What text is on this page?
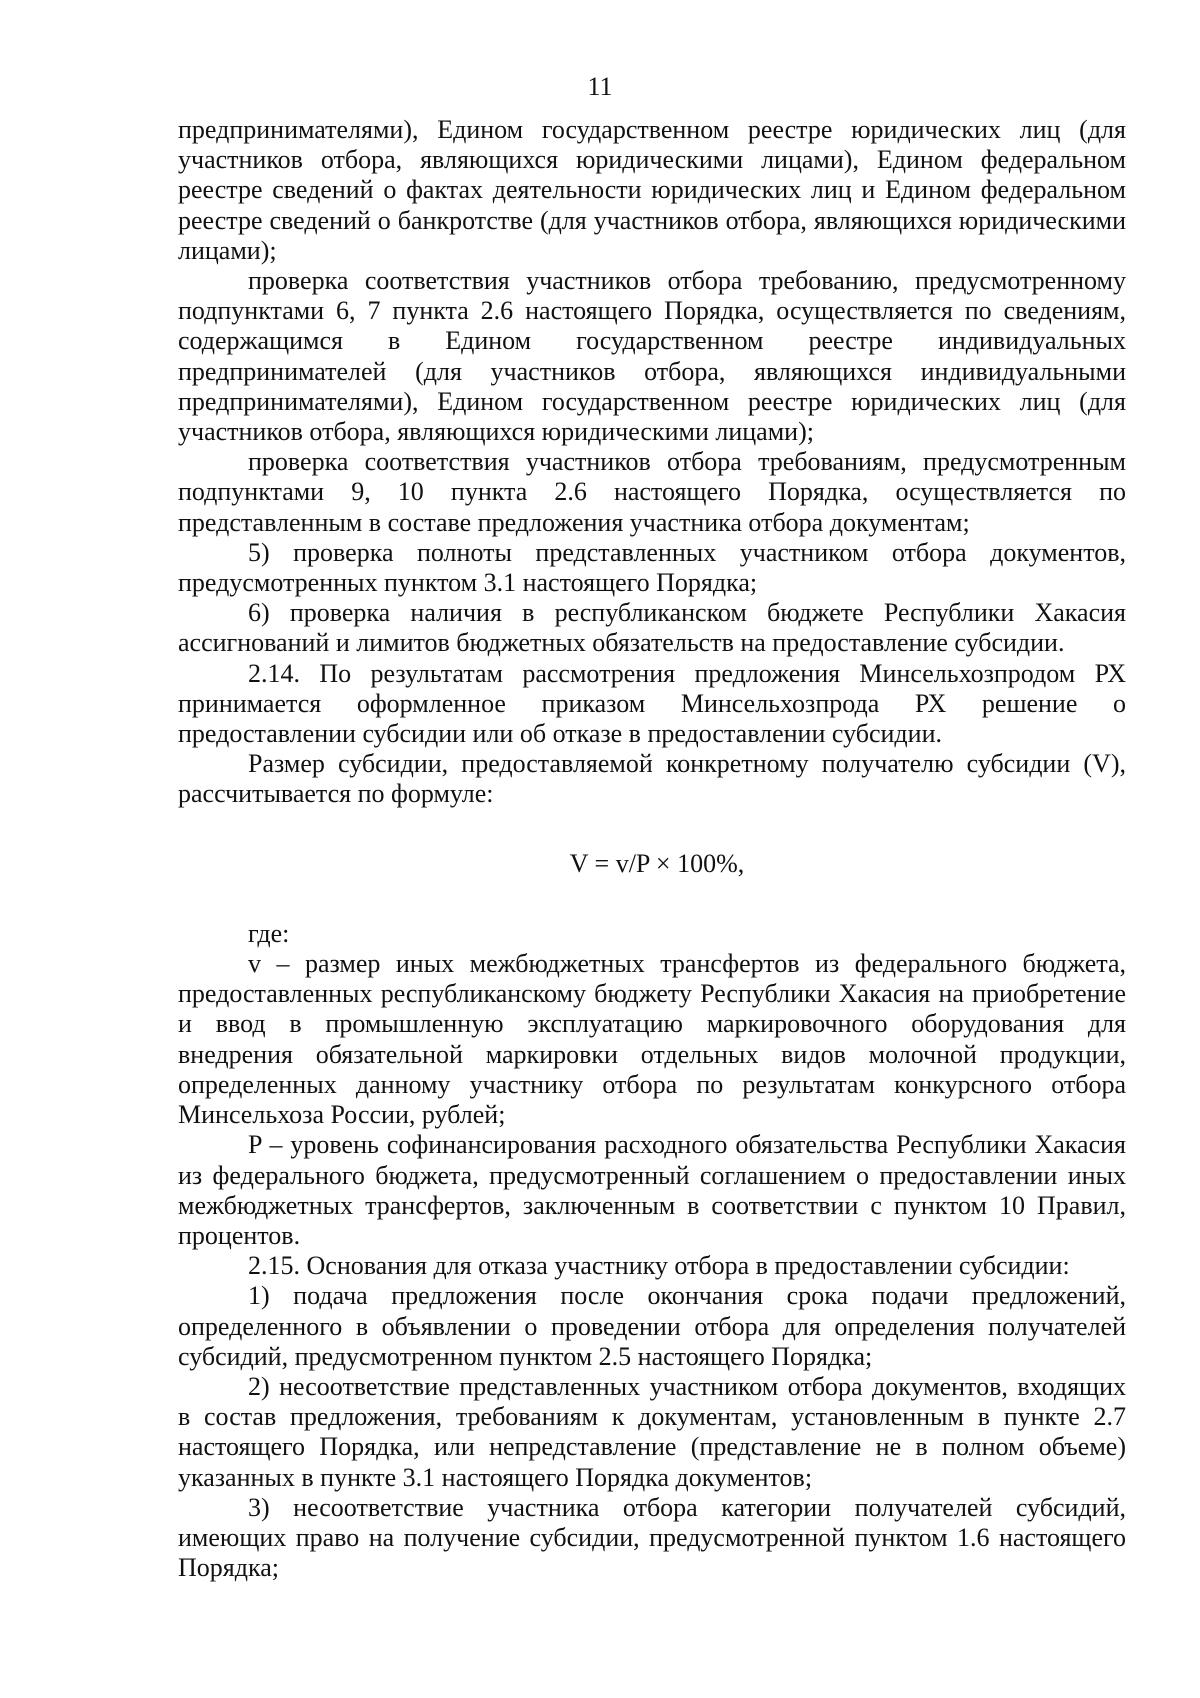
11

предпринимателями), Едином государственном реестре юридических лиц (для участников отбора, являющихся юридическими лицами), Едином федеральном реестре сведений о фактах деятельности юридических лиц и Едином федеральном реестре сведений о банкротстве (для участников отбора, являющихся юридическими лицами);

проверка соответствия участников отбора требованию, предусмотренному подпунктами 6, 7 пункта 2.6 настоящего Порядка, осуществляется по сведениям, содержащимся в Едином государственном реестре индивидуальных предпринимателей (для участников отбора, являющихся индивидуальными предпринимателями), Едином государственном реестре юридических лиц (для участников отбора, являющихся юридическими лицами);

проверка соответствия участников отбора требованиям, предусмотренным подпунктами 9, 10 пункта 2.6 настоящего Порядка, осуществляется по представленным в составе предложения участника отбора документам;

5) проверка полноты представленных участником отбора документов, предусмотренных пунктом 3.1 настоящего Порядка;

6) проверка наличия в республиканском бюджете Республики Хакасия ассигнований и лимитов бюджетных обязательств на предоставление субсидии.

2.14. По результатам рассмотрения предложения Минсельхозпродом РХ принимается оформленное приказом Минсельхозпрода РХ решение о предоставлении субсидии или об отказе в предоставлении субсидии.

Размер субсидии, предоставляемой конкретному получателю субсидии (V), рассчитывается по формуле:

V = v/P × 100%,

где:

v – размер иных межбюджетных трансфертов из федерального бюджета, предоставленных республиканскому бюджету Республики Хакасия на приобретение и ввод в промышленную эксплуатацию маркировочного оборудования для внедрения обязательной маркировки отдельных видов молочной продукции, определенных данному участнику отбора по результатам конкурсного отбора Минсельхоза России, рублей;

P – уровень софинансирования расходного обязательства Республики Хакасия из федерального бюджета, предусмотренный соглашением о предоставлении иных межбюджетных трансфертов, заключенным в соответствии с пунктом 10 Правил, процентов.

2.15. Основания для отказа участнику отбора в предоставлении субсидии:

1) подача предложения после окончания срока подачи предложений, определенного в объявлении о проведении отбора для определения получателей субсидий, предусмотренном пунктом 2.5 настоящего Порядка;

2) несоответствие представленных участником отбора документов, входящих в состав предложения, требованиям к документам, установленным в пункте 2.7 настоящего Порядка, или непредставление (представление не в полном объеме) указанных в пункте 3.1 настоящего Порядка документов;

3) несоответствие участника отбора категории получателей субсидий, имеющих право на получение субсидии, предусмотренной пунктом 1.6 настоящего Порядка;
